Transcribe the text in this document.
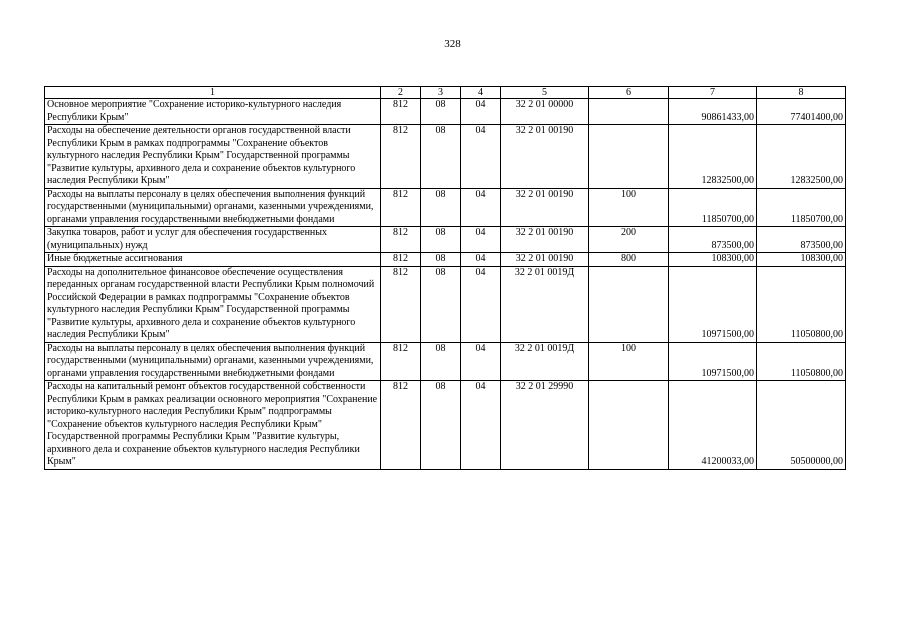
328
1	2	3	4	5	6	7	8
Основное мероприятие "Сохранение историко-культурного наследия Республики Крым"	812	08	04	32 2 01 00000		90861433,00	77401400,00
Расходы на обеспечение деятельности органов государственной власти Республики Крым в рамках подпрограммы "Сохранение объектов культурного наследия Республики Крым" Государственной программы "Развитие культуры, архивного дела и сохранение объектов культурного наследия Республики Крым"	812	08	04	32 2 01 00190		12832500,00	12832500,00
Расходы на выплаты персоналу в целях обеспечения выполнения функций государственными (муниципальными) органами, казенными учреждениями, органами управления государственными внебюджетными фондами	812	08	04	32 2 01 00190	100	11850700,00	11850700,00
Закупка товаров, работ и услуг для обеспечения государственных (муниципальных) нужд	812	08	04	32 2 01 00190	200	873500,00	873500,00
Иные бюджетные ассигнования	812	08	04	32 2 01 00190	800	108300,00	108300,00
Расходы на дополнительное финансовое обеспечение осуществления переданных органам государственной власти Республики Крым полномочий Российской Федерации в рамках подпрограммы "Сохранение объектов культурного наследия Республики Крым" Государственной программы "Развитие культуры, архивного дела и сохранение объектов культурного наследия Республики Крым"	812	08	04	32 2 01 0019Д		10971500,00	11050800,00
Расходы на выплаты персоналу в целях обеспечения выполнения функций государственными (муниципальными) органами, казенными учреждениями, органами управления государственными внебюджетными фондами	812	08	04	32 2 01 0019Д	100	10971500,00	11050800,00
Расходы на капитальный ремонт объектов государственной собственности Республики Крым в рамках реализации основного мероприятия "Сохранение историко-культурного наследия Республики Крым" подпрограммы "Сохранение объектов культурного наследия Республики Крым" Государственной программы Республики Крым "Развитие культуры, архивного дела и сохранение объектов культурного наследия Республики Крым"	812	08	04	32 2 01 29990		41200033,00	50500000,00
